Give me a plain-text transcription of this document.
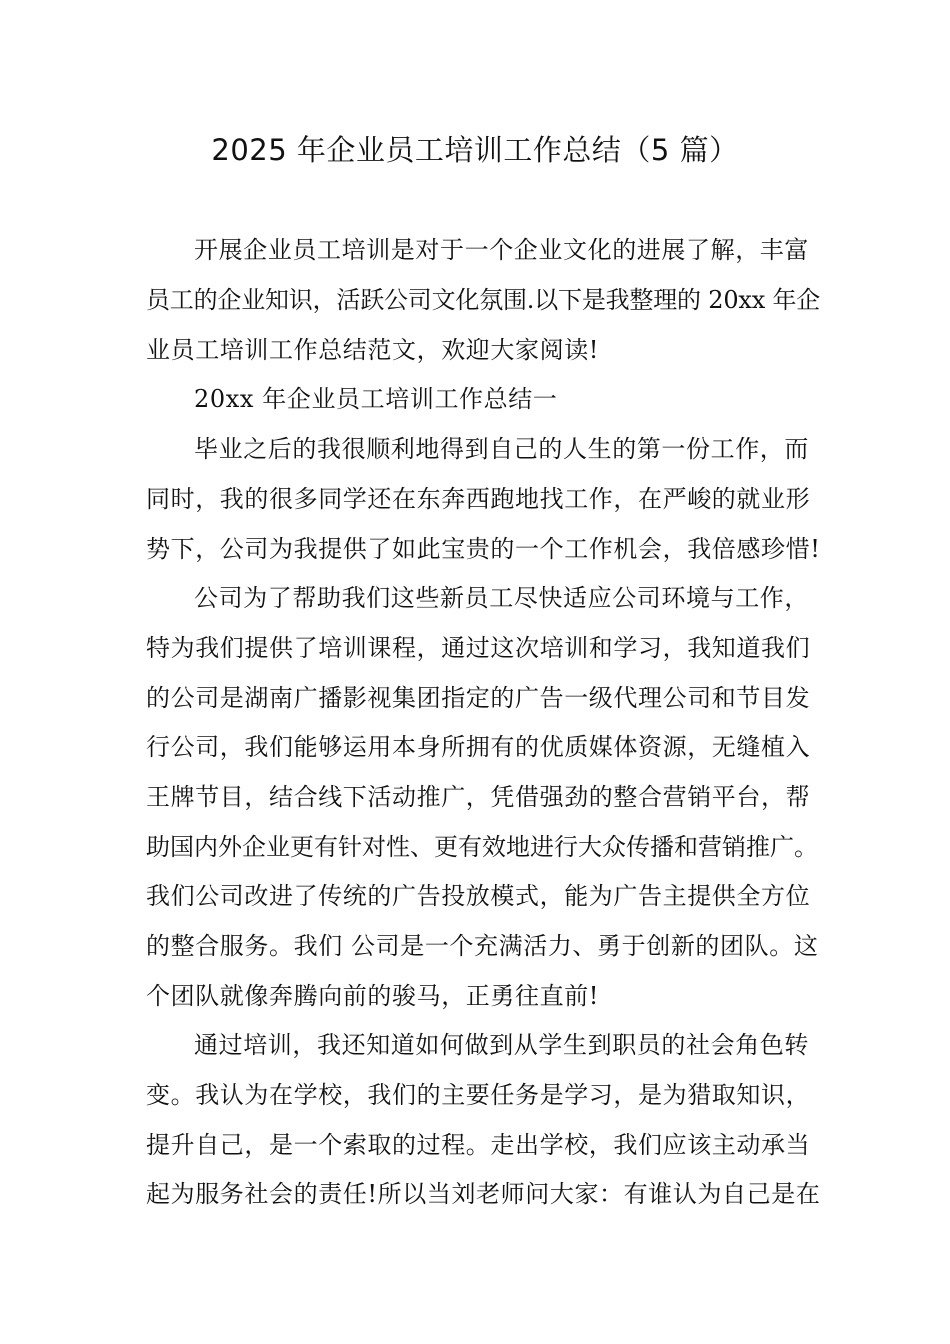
2025 年企业员工培训工作总结（5 篇）
开展企业员工培训是对于一个企业文化的进展了解，丰富
员工的企业知识，活跃公司文化氛围.以下是我整理的 20xx 年企
业员工培训工作总结范文，欢迎大家阅读!
20xx 年企业员工培训工作总结一
毕业之后的我很顺利地得到自己的人生的第一份工作，而
同时，我的很多同学还在东奔西跑地找工作，在严峻的就业形
势下，公司为我提供了如此宝贵的一个工作机会，我倍感珍惜!
公司为了帮助我们这些新员工尽快适应公司环境与工作，
特为我们提供了培训课程，通过这次培训和学习，我知道我们
的公司是湖南广播影视集团指定的广告一级代理公司和节目发
行公司，我们能够运用本身所拥有的优质媒体资源，无缝植入
王牌节目，结合线下活动推广，凭借强劲的整合营销平台，帮
助国内外企业更有针对性、更有效地进行大众传播和营销推广。
我们公司改进了传统的广告投放模式，能为广告主提供全方位
的整合服务。我们 公司是一个充满活力、勇于创新的团队。这
个团队就像奔腾向前的骏马，正勇往直前!
通过培训，我还知道如何做到从学生到职员的社会角色转
变。我认为在学校，我们的主要任务是学习，是为猎取知识，
提升自己，是一个索取的过程。走出学校，我们应该主动承当
起为服务社会的责任!所以当刘老师问大家：有谁认为自己是在
